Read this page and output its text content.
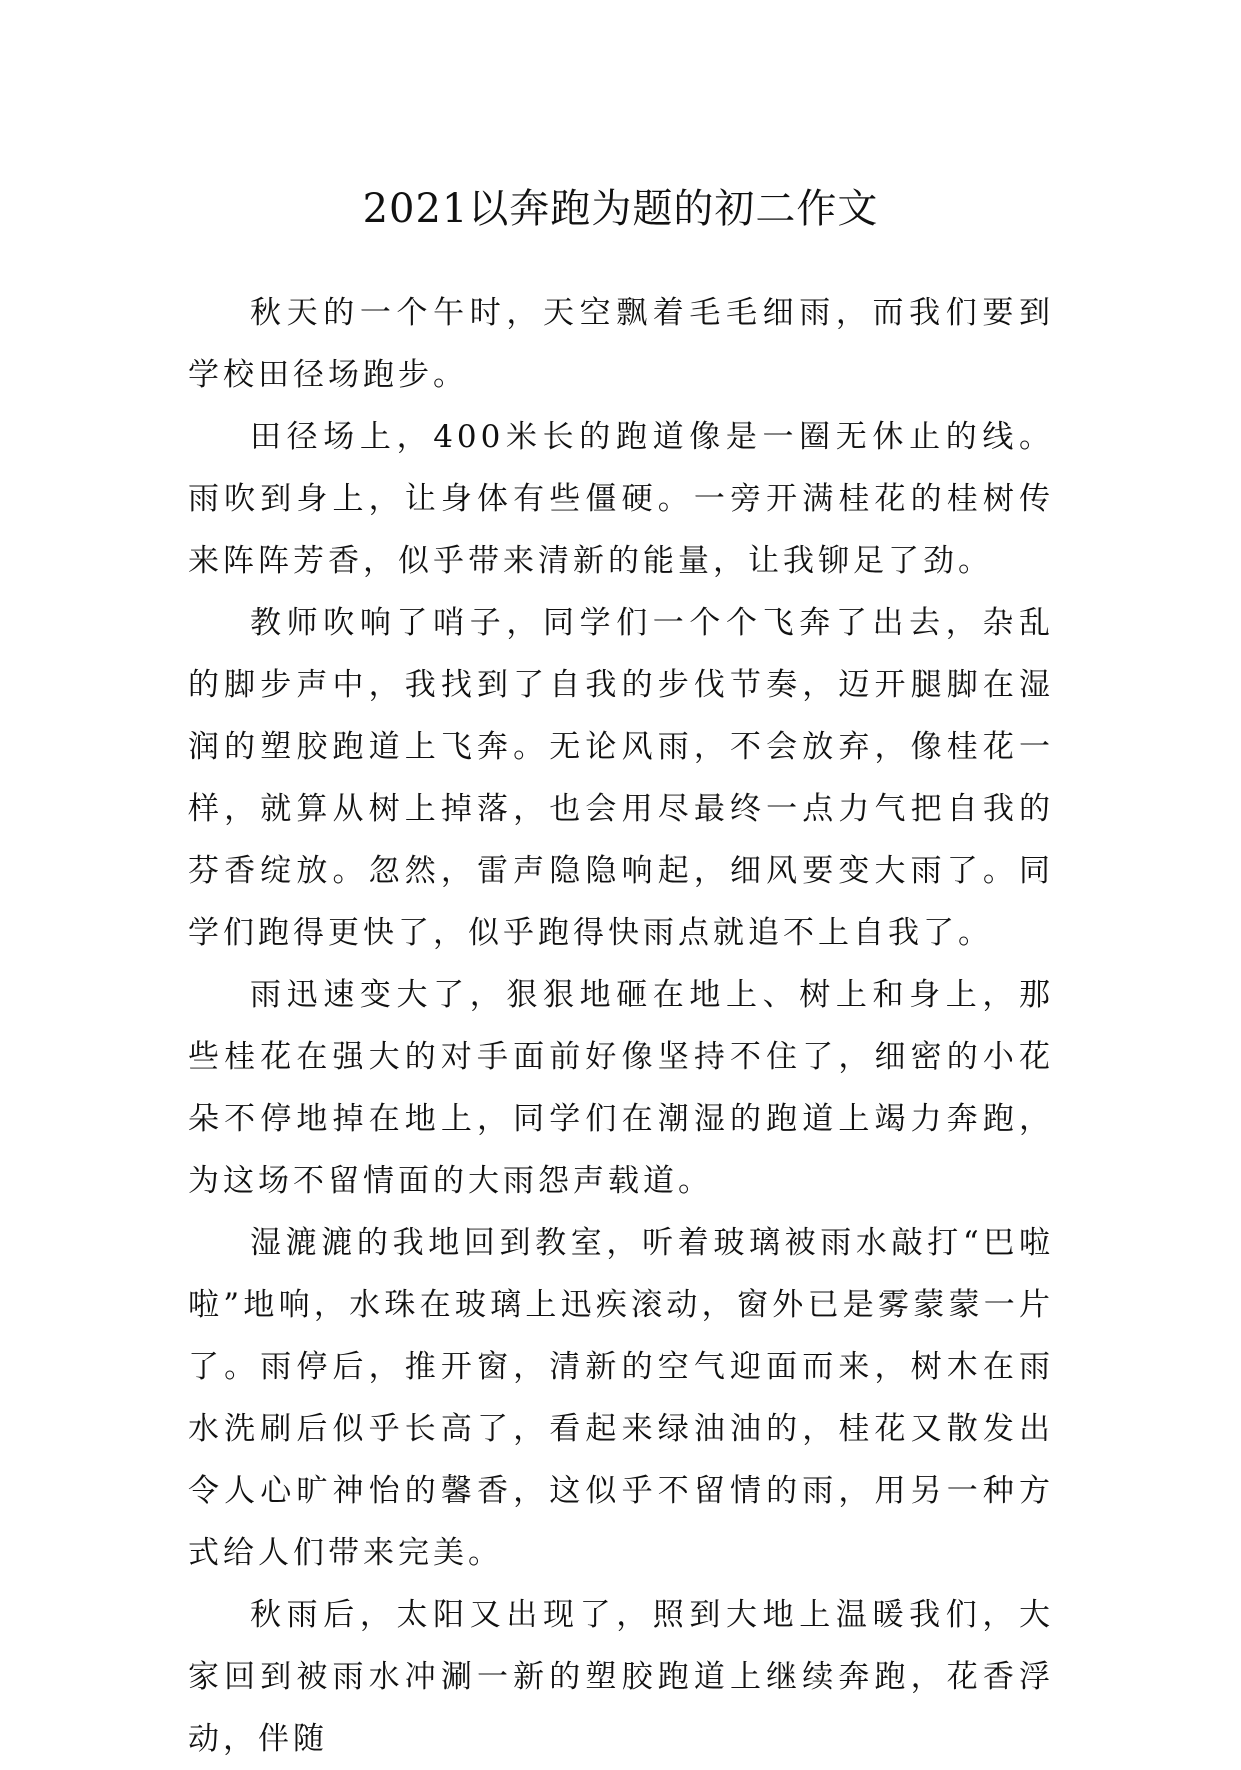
2021以奔跑为题的初二作文

秋天的一个午时，天空飘着毛毛细雨，而我们要到学校田径场跑步。

田径场上，400米长的跑道像是一圈无休止的线。雨吹到身上，让身体有些僵硬。一旁开满桂花的桂树传来阵阵芳香，似乎带来清新的能量，让我铆足了劲。

教师吹响了哨子，同学们一个个飞奔了出去，杂乱的脚步声中，我找到了自我的步伐节奏，迈开腿脚在湿润的塑胶跑道上飞奔。无论风雨，不会放弃，像桂花一样，就算从树上掉落，也会用尽最终一点力气把自我的芬香绽放。忽然，雷声隐隐响起，细风要变大雨了。同学们跑得更快了，似乎跑得快雨点就追不上自我了。

雨迅速变大了，狠狠地砸在地上、树上和身上，那些桂花在强大的对手面前好像坚持不住了，细密的小花朵不停地掉在地上，同学们在潮湿的跑道上竭力奔跑，为这场不留情面的大雨怨声载道。

湿漉漉的我地回到教室，听着玻璃被雨水敲打“巴啦啦”地响，水珠在玻璃上迅疾滚动，窗外已是雾蒙蒙一片了。雨停后，推开窗，清新的空气迎面而来，树木在雨水洗刷后似乎长高了，看起来绿油油的，桂花又散发出令人心旷神怡的馨香，这似乎不留情的雨，用另一种方式给人们带来完美。

秋雨后，太阳又出现了，照到大地上温暖我们，大家回到被雨水冲涮一新的塑胶跑道上继续奔跑，花香浮动，伴随
